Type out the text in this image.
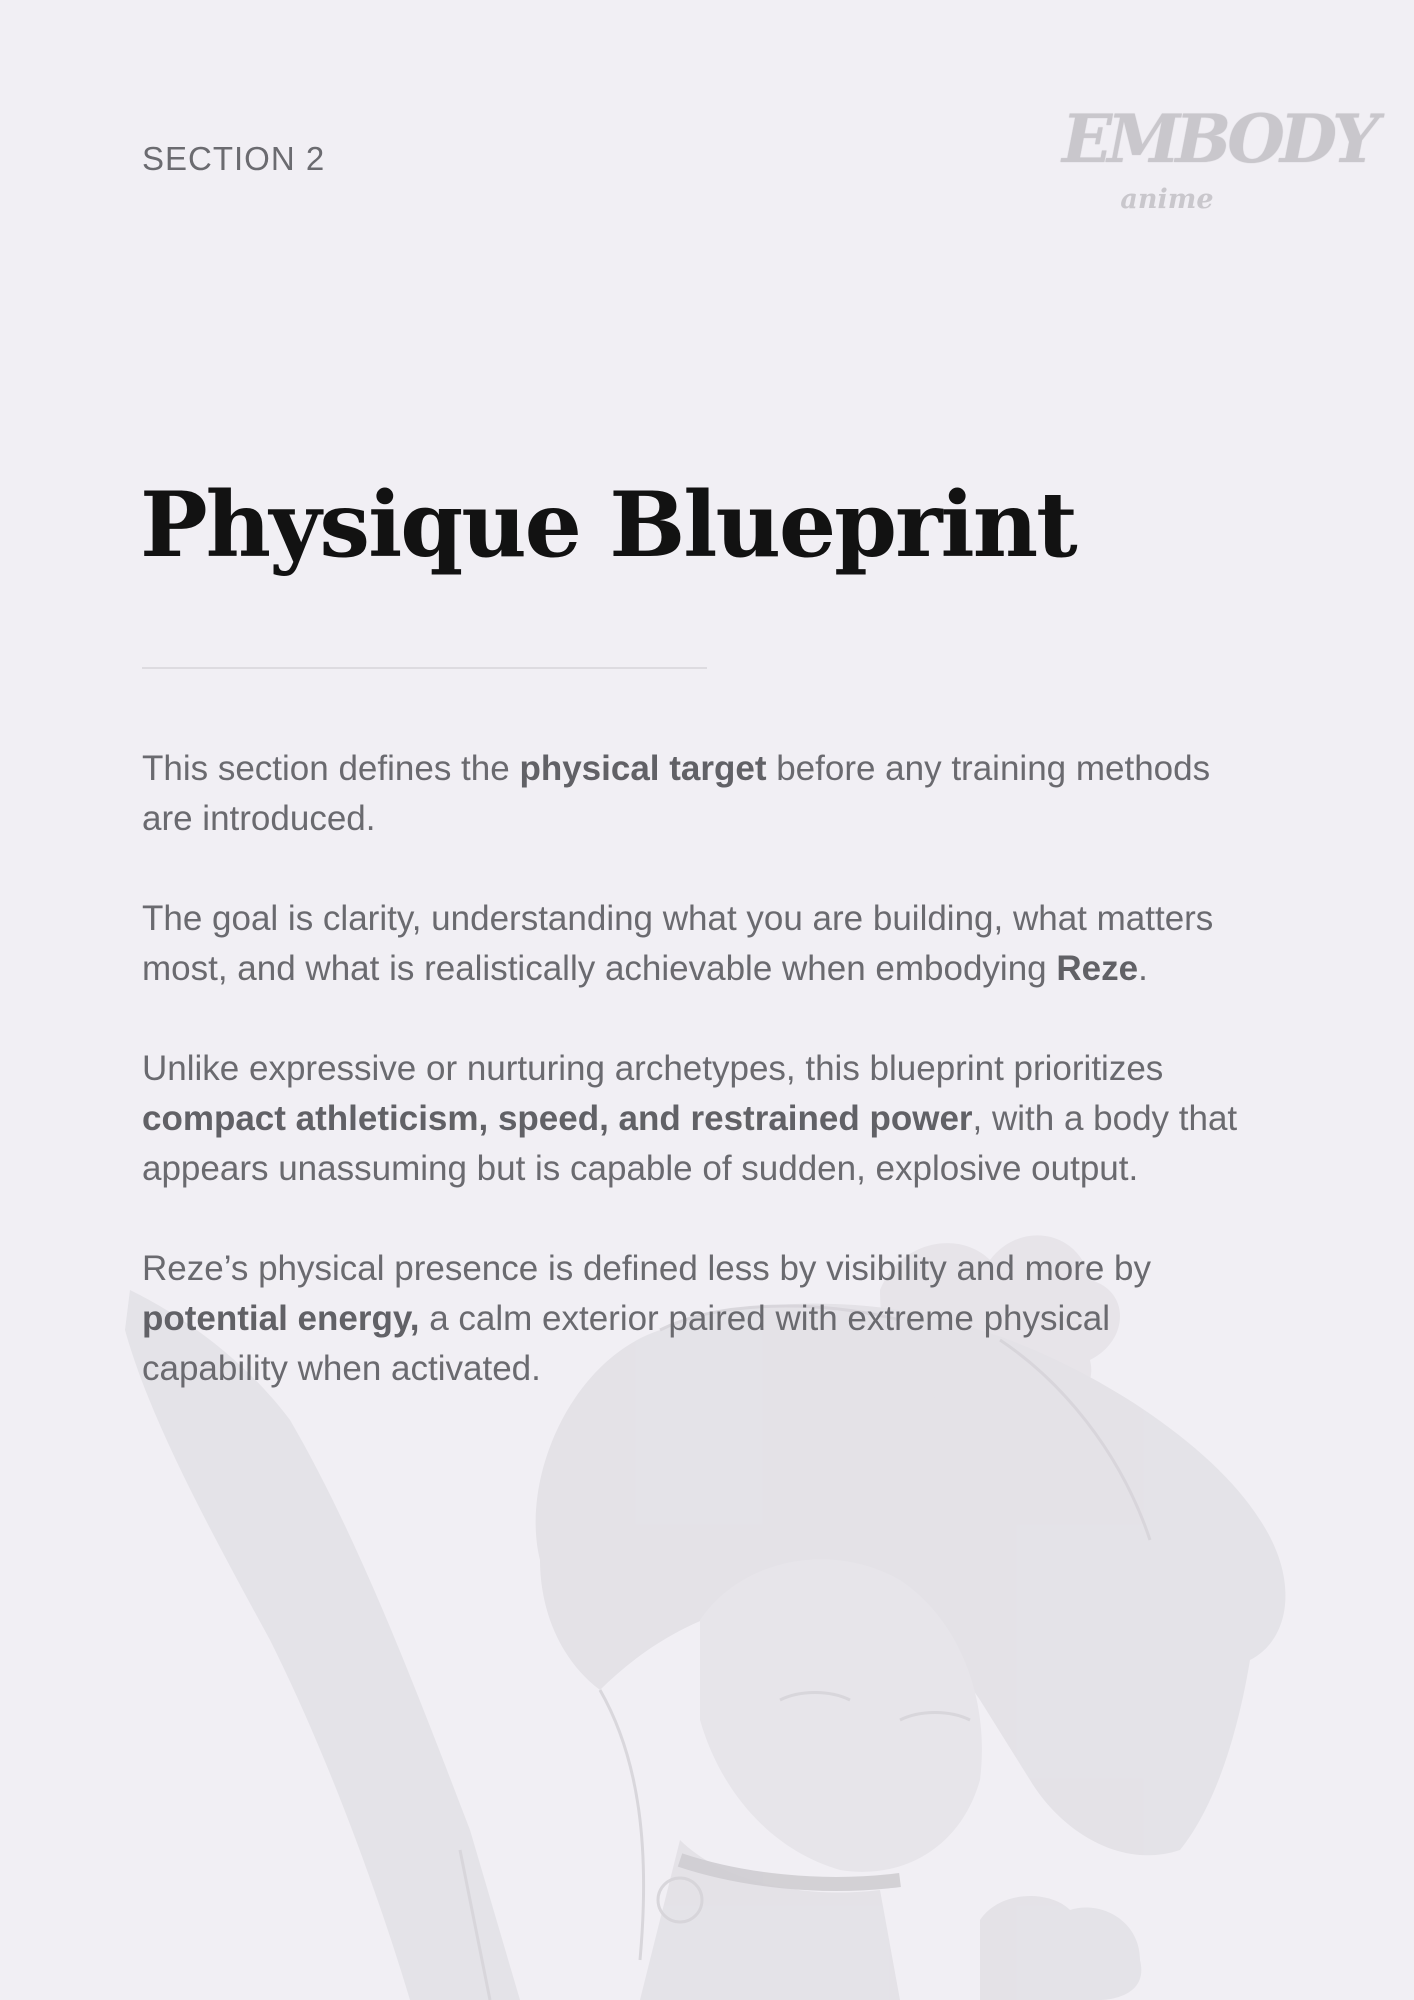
SECTION 2	EMBODY
anime
Physique Blueprint

This section defines the physical target before any training methods are introduced.

The goal is clarity, understanding what you are building, what matters most, and what is realistically achievable when embodying Reze.

Unlike expressive or nurturing archetypes, this blueprint prioritizes compact athleticism, speed, and restrained power, with a body that appears unassuming but is capable of sudden, explosive output.

Reze’s physical presence is defined less by visibility and more by potential energy, a calm exterior paired with extreme physical capability when activated.
